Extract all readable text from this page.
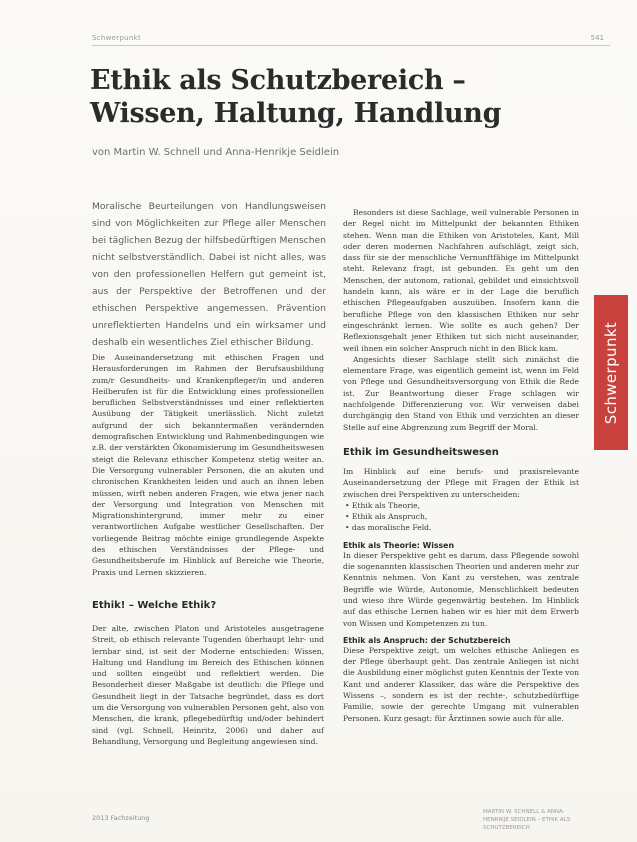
Schwerpunkt	541
Ethik als Schutzbereich –
Wissen, Haltung, Handlung
von Martin W. Schnell und Anna-Henrikje Seidlein

Moralische Beurteilungen von Handlungsweisen sind von Möglichkeiten zur Pflege aller Menschen bei täglichen Bezug der hilfsbedürftigen Menschen nicht selbstverständlich. Dabei ist nicht alles, was von den professionellen Helfern gut gemeint ist, aus der Perspektive der Betroffenen und der ethischen Perspektive angemessen. Prävention unreflektierten Handelns und ein wirksamer und deshalb ein wesentliches Ziel ethischer Bildung.

Die Auseinandersetzung mit ethischen Fragen und Herausforderungen im Rahmen der Berufsausbildung zum/r Gesundheits- und Krankenpfleger/in und anderen Heilberufen ist für die Entwicklung eines professionellen beruflichen Selbstverständnisses und einer reflektierten Ausübung der Tätigkeit unerlässlich. Nicht zuletzt aufgrund der sich bekanntermaßen verändernden demografischen Entwicklung und Rahmenbedingungen wie z.B. der verstärkten Ökonomisierung im Gesundheitswesen steigt die Relevanz ethischer Kompetenz stetig weiter an. Die Versorgung vulnerabler Personen, die an akuten und chronischen Krankheiten leiden und auch an ihnen leben müssen, wirft neben anderen Fragen, wie etwa jener nach der Versorgung und Integration von Menschen mit Migrationshintergrund, immer mehr zu einer verantwortlichen Aufgabe westlicher Gesellschaften. Der vorliegende Beitrag möchte einige grundlegende Aspekte des ethischen Verständnisses der Pflege- und Gesundheitsberufe im Hinblick auf Bereiche wie Theorie, Praxis und Lernen skizzieren.

Ethik! – Welche Ethik?

Der alte, zwischen Platon und Aristoteles ausgetragene Streit, ob ethisch relevante Tugenden überhaupt lehr- und lernbar sind, ist seit der Moderne entschieden: Wissen, Haltung und Handlung im Bereich des Ethischen können und sollten eingeübt und reflektiert werden. Die Besonderheit dieser Maßgabe ist deutlich: die Pflege und Gesundheit liegt in der Tatsache begründet, dass es dort um die Versorgung von vulnerablen Personen geht, also von Menschen, die krank, pflegebedürftig und/oder behindert sind (vgl. Schnell, Heinritz, 2006) und daher auf Behandlung, Versorgung und Begleitung angewiesen sind.

Besonders ist diese Sachlage, weil vulnerable Personen in der Regel nicht im Mittelpunkt der bekannten Ethiken stehen. Wenn man die Ethiken von Aristoteles, Kant, Mill oder deren modernen Nachfahren aufschlägt, zeigt sich, dass für sie der menschliche Vernunftfähige im Mittelpunkt steht. Relevanz fragt, ist gebunden. Es geht um den Menschen, der autonom, rational, gebildet und einsichtsvoll handeln kann, als wäre er in der Lage die beruflich ethischen Pflegeaufgaben auszuüben. Insofern kann die berufliche Pflege von den klassischen Ethiken nur sehr eingeschränkt lernen. Wie sollte es auch gehen? Der Reflexionsgehalt jener Ethiken tut sich nicht auseinander, weil ihnen ein solcher Anspruch nicht in den Blick kam.

Angesichts dieser Sachlage stellt sich zunächst die elementare Frage, was eigentlich gemeint ist, wenn im Feld von Pflege und Gesundheitsversorgung von Ethik die Rede ist. Zur Beantwortung dieser Frage schlagen wir nachfolgende Differenzierung vor. Wir verweisen dabei durchgängig den Stand von Ethik und verzichten an dieser Stelle auf eine Abgrenzung zum Begriff der Moral.

Ethik im Gesundheitswesen

Im Hinblick auf eine berufs- und praxisrelevante Auseinandersetzung der Pflege mit Fragen der Ethik ist zwischen drei Perspektiven zu unterscheiden:

• Ethik als Theorie,
• Ethik als Anspruch,
• das moralische Feld.

Ethik als Theorie: Wissen

In dieser Perspektive geht es darum, dass Pflegende sowohl die sogenannten klassischen Theorien und anderen mehr zur Kenntnis nehmen. Von Kant zu verstehen, was zentrale Begriffe wie Würde, Autonomie, Menschlichkeit bedeuten und wieso ihre Würde gegenwärtig bestehen. Im Hinblick auf das ethische Lernen haben wir es hier mit dem Erwerb von Wissen und Kompetenzen zu tun.

Ethik als Anspruch: der Schutzbereich

Diese Perspektive zeigt, um welches ethische Anliegen es der Pflege überhaupt geht. Das zentrale Anliegen ist nicht die Ausbildung einer möglichst guten Kenntnis der Texte von Kant und anderer Klassiker, das wäre die Perspektive des Wissens –, sondern es ist der rechte-, schutzbedürftige Familie, sowie der gerechte Umgang mit vulnerablen Personen. Kurz gesagt: für Ärztinnen sowie auch für alle.

Schwerpunkt
2013 Fachzeitung
MARTIN W. SCHNELL & ANNA-HENRIKJE SEIDLEIN – ETHIK ALS SCHUTZBEREICH
